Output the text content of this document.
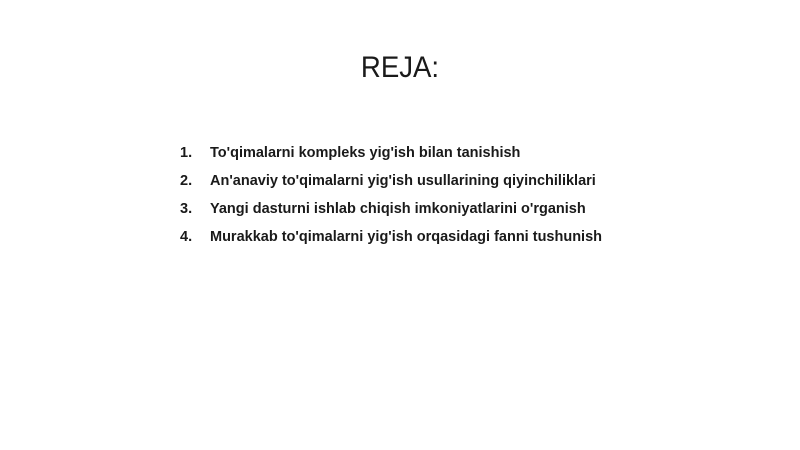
REJA:
1.	To'qimalarni kompleks yig'ish bilan tanishish
2.	An'anaviy to'qimalarni yig'ish usullarining qiyinchiliklari
3.	Yangi dasturni ishlab chiqish imkoniyatlarini o'rganish
4.	Murakkab to'qimalarni yig'ish orqasidagi fanni tushunish
